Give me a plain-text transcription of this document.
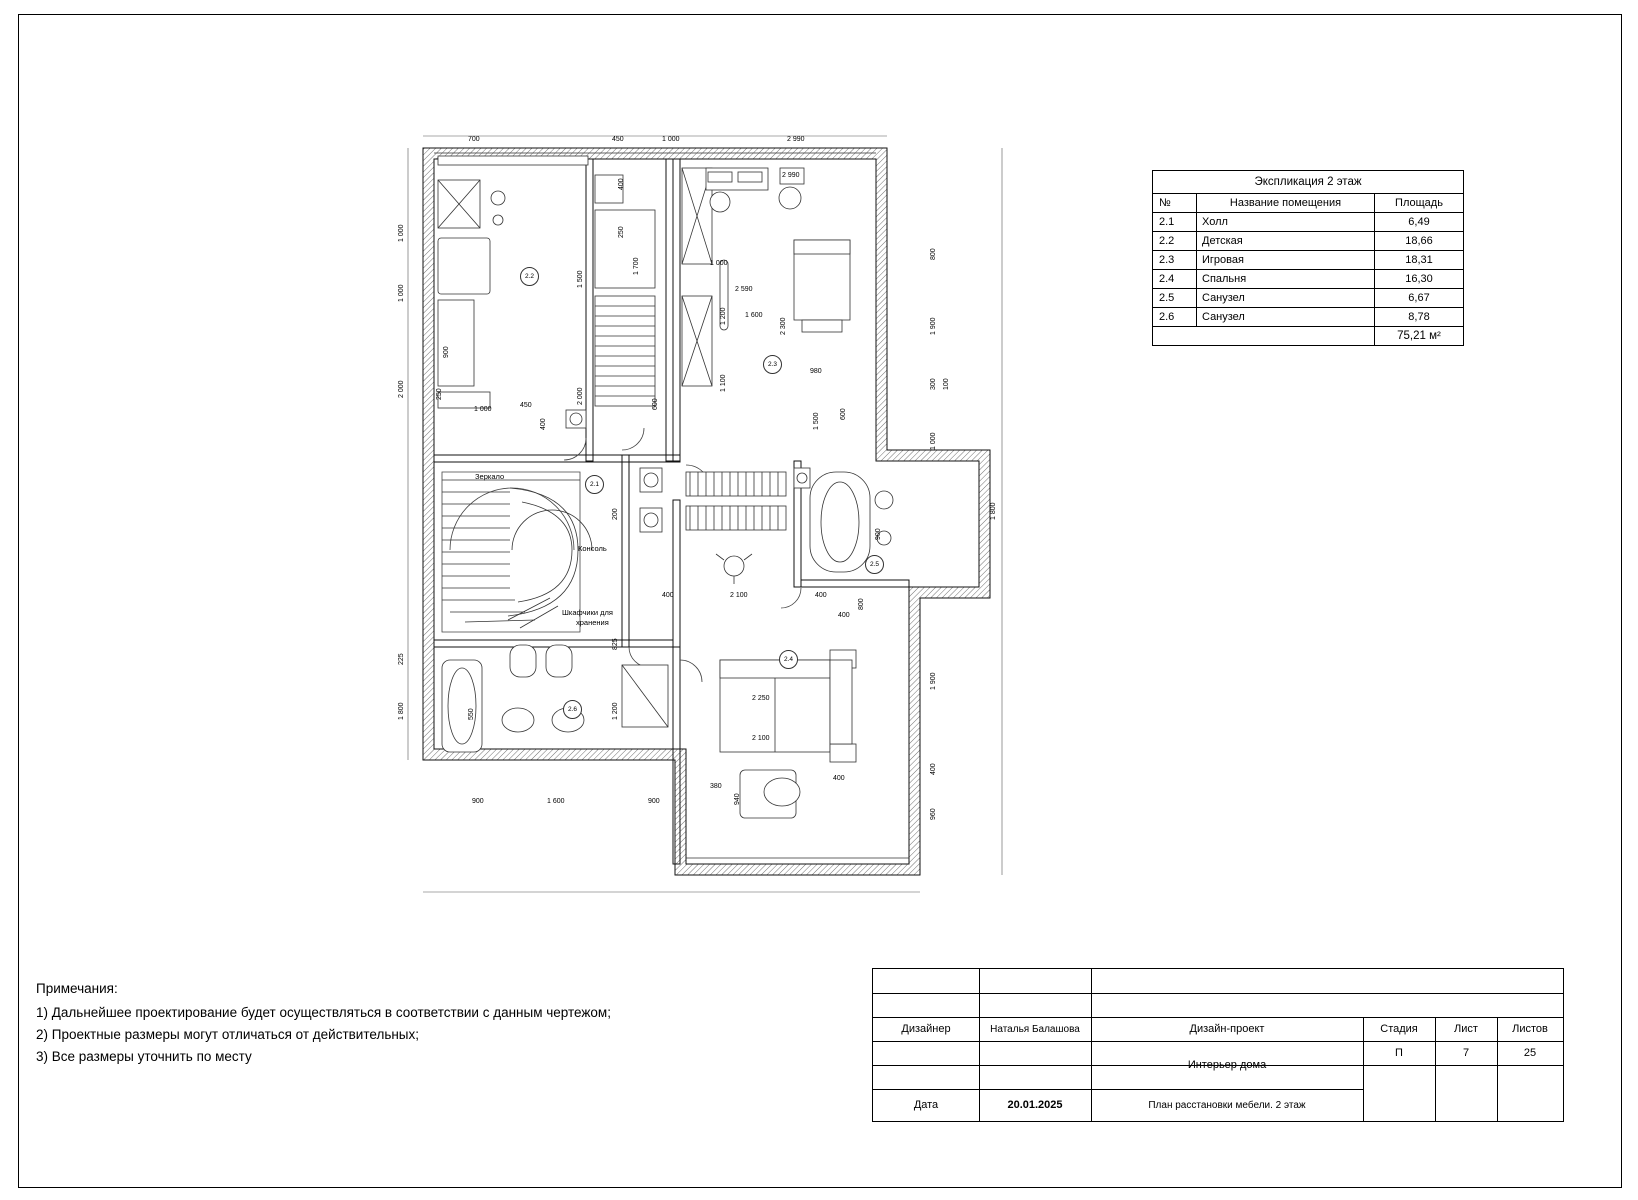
2.2
2.3
2.1
2.5
2.4
2.6
Зеркало
Консоль
Шкафчики для
хранения
700	450	1 000	2 990
900	1 600	900
380
940
1 000
1 000
2 000	250
225
1 800
800
1 900
300 100
1 000
1 800
1 900
400
960
2 990
400
250
1 700
1 500
2 000
1 000
450
400
2 590
1 600
2 300
1 200
1 100
980
1 500	600
400	2 100	400
400
900
800
200
825
1 200
550
2 250
2 100
400
1 000
600
900
Экспликация 2 этаж		
№	Название помещения	Площадь
2.1	Холл	6,49
2.2	Детская	18,66
2.3	Игровая	18,31
2.4	Спальня	16,30
2.5	Санузел	6,67
2.6	Санузел	8,78
		75,21 м²
Примечания:
1) Дальнейшее проектирование будет осуществляться в соответствии с данным чертежом;
2) Проектные размеры могут отличаться от действительных;
3) Все размеры уточнить по месту
Дизайнер	Наталья Балашова
Дата	20.01.2025
Дизайн-проект
Интерьер дома
План расстановки мебели. 2 этаж
Стадия	Лист	Листов
П	7	25
